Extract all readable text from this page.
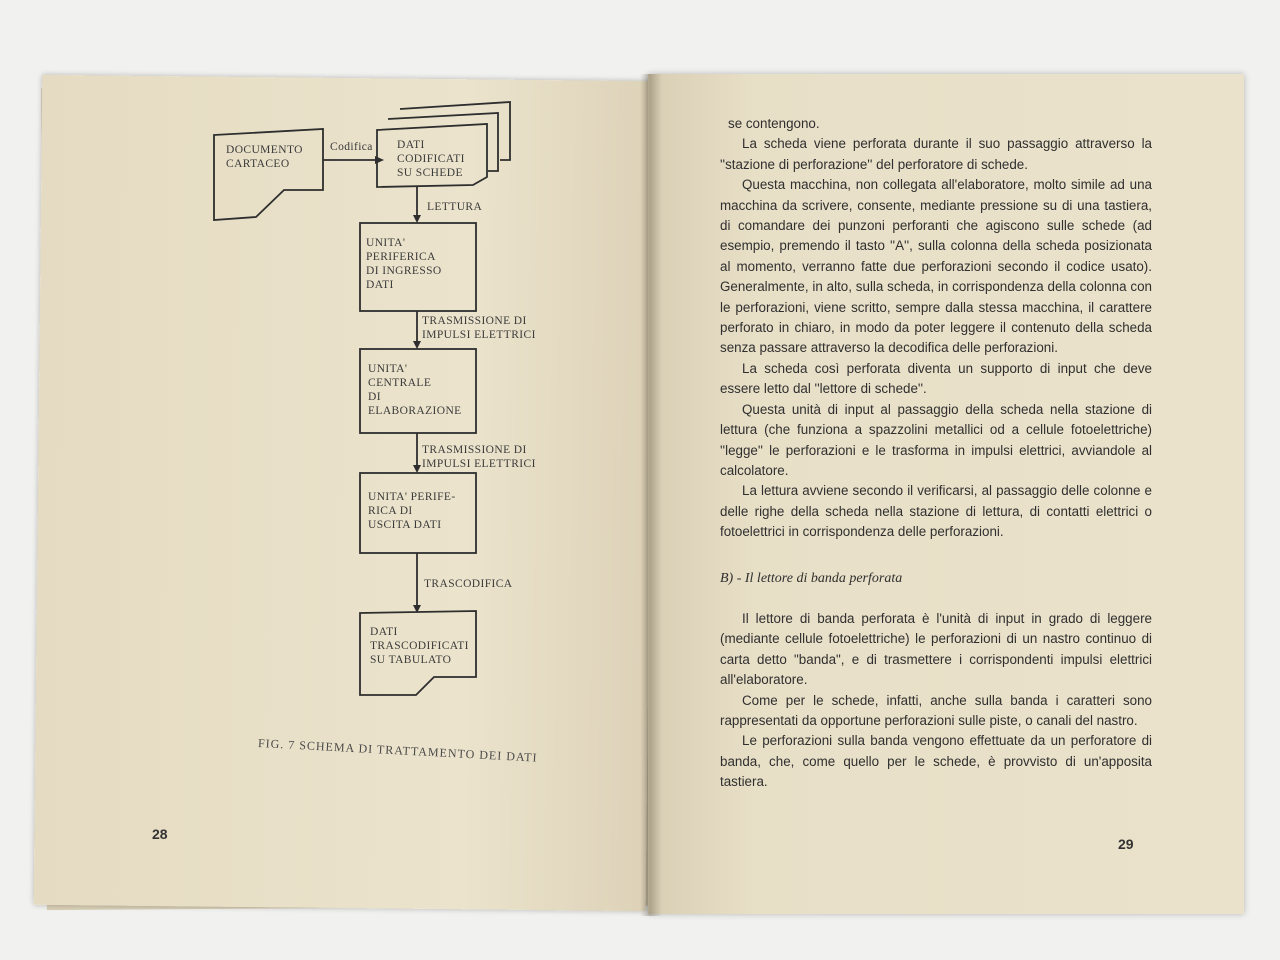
DOCUMENTO
CARTACEO
Codifica DATI
CODIFICATI
SU SCHEDE
LETTURA
UNITA'
PERIFERICA
DI INGRESSO
DATI
TRASMISSIONE DI
IMPULSI ELETTRICI
UNITA'
CENTRALE
DI
ELABORAZIONE
TRASMISSIONE DI
IMPULSI ELETTRICI
UNITA' PERIFE-
RICA DI
USCITA DATI
TRASCODIFICA
DATI
TRASCODIFICATI
SU TABULATO
FIG. 7 SCHEMA DI TRATTAMENTO DEI DATI
28

se contengono.

La scheda viene perforata durante il suo passaggio attraverso la ''stazione di perforazione'' del perforatore di schede.

Questa macchina, non collegata all'elaboratore, molto simile ad una macchina da scrivere, consente, mediante pressione su di una tastiera, di comandare dei punzoni perforanti che agiscono sulle schede (ad esempio, premendo il tasto ''A'', sulla colonna della scheda posizionata al momento, verranno fatte due perforazioni secondo il codice usato). Generalmente, in alto, sulla scheda, in corrispondenza della colonna con le perforazioni, viene scritto, sempre dalla stessa macchina, il carattere perforato in chiaro, in modo da poter leggere il contenuto della scheda senza passare attraverso la decodifica delle perforazioni.

La scheda così perforata diventa un supporto di input che deve essere letto dal ''lettore di schede''.

Questa unità di input al passaggio della scheda nella stazione di lettura (che funziona a spazzolini metallici od a cellule fotoelettriche) ''legge'' le perforazioni e le trasforma in impulsi elettrici, avviandole al calcolatore.

La lettura avviene secondo il verificarsi, al passaggio delle colonne e delle righe della scheda nella stazione di lettura, di contatti elettrici o fotoelettrici in corrispondenza delle perforazioni.

B) - Il lettore di banda perforata

Il lettore di banda perforata è l'unità di input in grado di leggere (mediante cellule fotoelettriche) le perforazioni di un nastro continuo di carta detto "banda", e di trasmettere i corrispondenti impulsi elettrici all'elaboratore.

Come per le schede, infatti, anche sulla banda i caratteri sono rappresentati da opportune perforazioni sulle piste, o canali del nastro.

Le perforazioni sulla banda vengono effettuate da un perforatore di banda, che, come quello per le schede, è provvisto di un'apposita tastiera.

29
